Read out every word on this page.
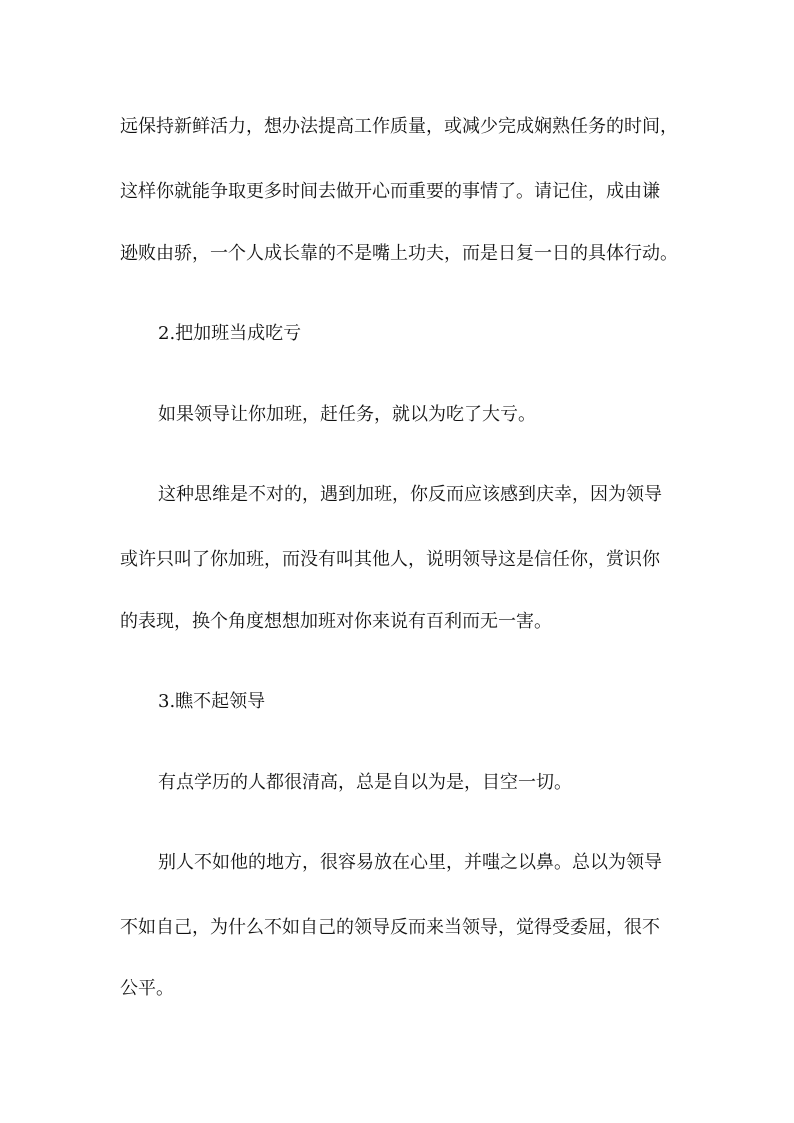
远保持新鲜活力，想办法提高工作质量，或减少完成娴熟任务的时间，

这样你就能争取更多时间去做开心而重要的事情了。请记住，成由谦

逊败由骄，一个人成长靠的不是嘴上功夫，而是日复一日的具体行动。

2.把加班当成吃亏

如果领导让你加班，赶任务，就以为吃了大亏。

这种思维是不对的，遇到加班，你反而应该感到庆幸，因为领导

或许只叫了你加班，而没有叫其他人，说明领导这是信任你，赏识你

的表现，换个角度想想加班对你来说有百利而无一害。

3.瞧不起领导

有点学历的人都很清高，总是自以为是，目空一切。

别人不如他的地方，很容易放在心里，并嗤之以鼻。总以为领导

不如自己，为什么不如自己的领导反而来当领导，觉得受委屈，很不

公平。
